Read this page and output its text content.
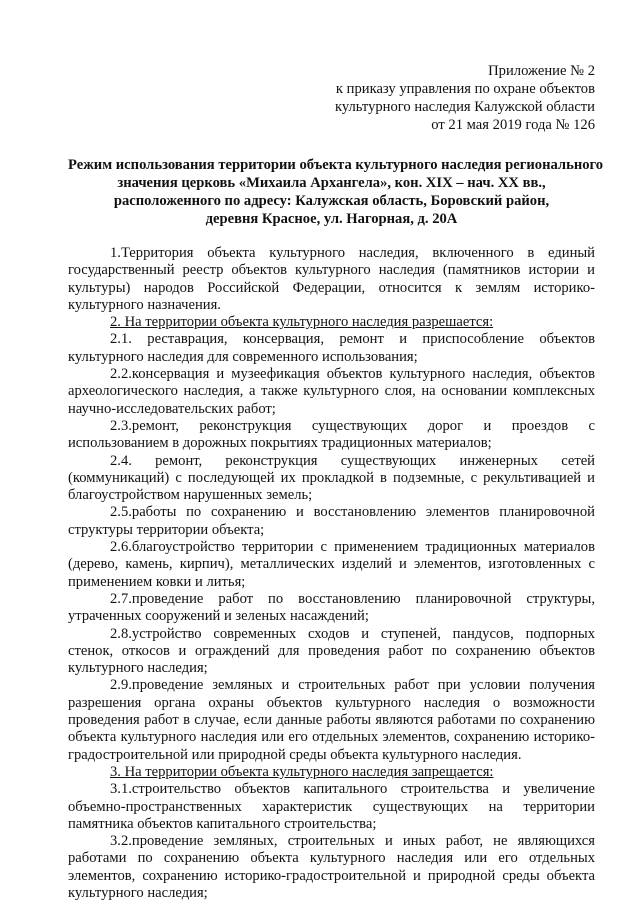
Приложение № 2
к приказу управления по охране объектов
культурного наследия Калужской области
от 21 мая 2019 года № 126
Режим использования территории объекта культурного наследия регионального
значения церковь «Михаила Архангела», кон. XIX – нач. XX вв.,
расположенного по адресу: Калужская область, Боровский район,
деревня Красное, ул. Нагорная, д. 20А

1.Территория объекта культурного наследия, включенного в единый государственный реестр объектов культурного наследия (памятников истории и культуры) народов Российской Федерации, относится к землям историко-культурного назначения.

2. На территории объекта культурного наследия разрешается:

2.1. реставрация, консервация, ремонт и приспособление объектов культурного наследия для современного использования;

2.2.консервация и музеефикация объектов культурного наследия, объектов археологического наследия, а также культурного слоя, на основании комплексных научно-исследовательских работ;

2.3.ремонт, реконструкция существующих дорог и проездов с использованием в дорожных покрытиях традиционных материалов;

2.4. ремонт, реконструкция существующих инженерных сетей (коммуникаций) с последующей их прокладкой в подземные, с рекультивацией и благоустройством нарушенных земель;

2.5.работы по сохранению и восстановлению элементов планировочной структуры территории объекта;

2.6.благоустройство территории с применением традиционных материалов (дерево, камень, кирпич), металлических изделий и элементов, изготовленных с применением ковки и литья;

2.7.проведение работ по восстановлению планировочной структуры, утраченных сооружений и зеленых насаждений;

2.8.устройство современных сходов и ступеней, пандусов, подпорных стенок, откосов и ограждений для проведения работ по сохранению объектов культурного наследия;

2.9.проведение земляных и строительных работ при условии получения разрешения органа охраны объектов культурного наследия о возможности проведения работ в случае, если данные работы являются работами по сохранению объекта культурного наследия или его отдельных элементов, сохранению историко-градостроительной или природной среды объекта культурного наследия.

3. На территории объекта культурного наследия запрещается:

3.1.строительство объектов капитального строительства и увеличение объемно-пространственных характеристик существующих на территории памятника объектов капитального строительства;

3.2.проведение земляных, строительных и иных работ, не являющихся работами по сохранению объекта культурного наследия или его отдельных элементов, сохранению историко-градостроительной и природной среды объекта культурного наследия;
